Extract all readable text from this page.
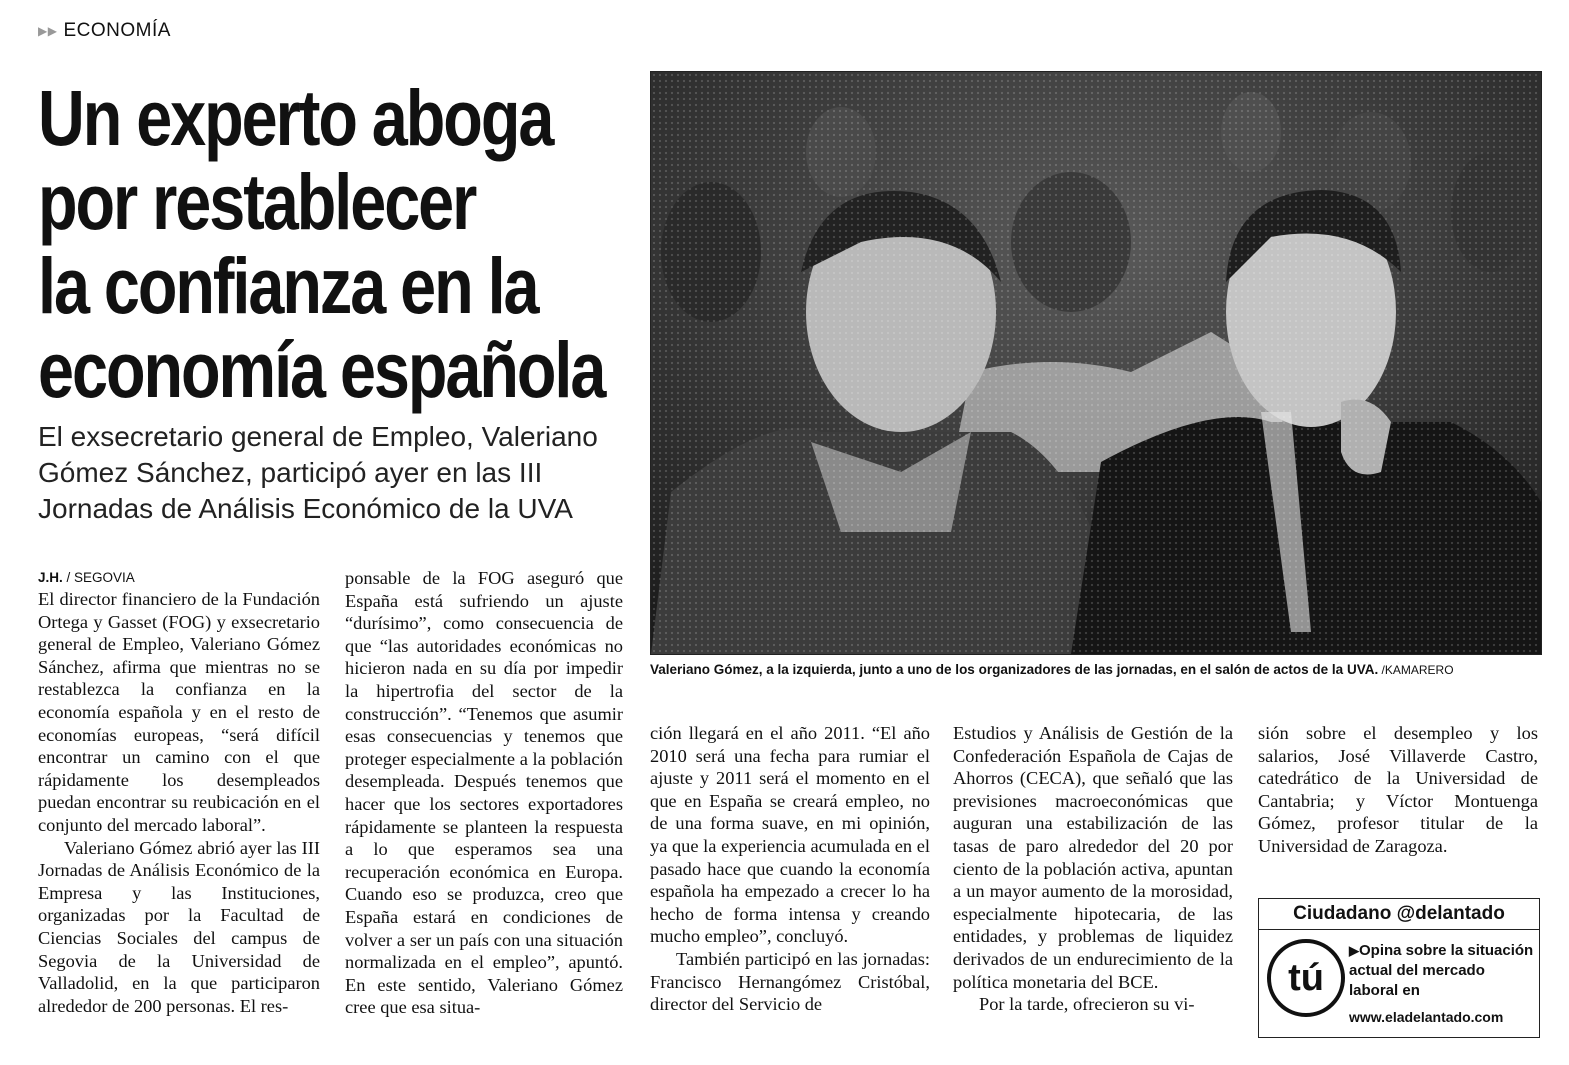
▶▶ ECONOMÍA
Un experto aboga
por restablecer
la confianza en la
economía española
El exsecretario general de Empleo, Valeriano Gómez Sánchez, participó ayer en las III Jornadas de Análisis Económico de la UVA
J.H. / SEGOVIA

El director financiero de la Fundación Ortega y Gasset (FOG) y exsecretario general de Empleo, Valeriano Gómez Sánchez, afirma que mientras no se restablezca la confianza en la economía española y en el resto de economías europeas, “será difícil encontrar un camino con el que rápidamente los desempleados puedan encontrar su reubicación en el conjunto del mercado laboral”.

Valeriano Gómez abrió ayer las III Jornadas de Análisis Económico de la Empresa y las Instituciones, organizadas por la Facultad de Ciencias Sociales del campus de Segovia de la Universidad de Valladolid, en la que participaron alrededor de 200 personas. El res-

ponsable de la FOG aseguró que España está sufriendo un ajuste “durísimo”, como consecuencia de que “las autoridades económicas no hicieron nada en su día por impedir la hipertrofia del sector de la construcción”. “Tenemos que asumir esas consecuencias y tenemos que proteger especialmente a la población desempleada. Después tenemos que hacer que los sectores exportadores rápidamente se planteen la respuesta a lo que esperamos sea una recuperación económica en Europa. Cuando eso se produzca, creo que España estará en condiciones de volver a ser un país con una situación normalizada en el empleo”, apuntó. En este sentido, Valeriano Gómez cree que esa situa-

Valeriano Gómez, a la izquierda, junto a uno de los organizadores de las jornadas, en el salón de actos de la UVA. /KAMARERO

ción llegará en el año 2011. “El año 2010 será una fecha para rumiar el ajuste y 2011 será el momento en el que en España se creará empleo, no de una forma suave, en mi opinión, ya que la experiencia acumulada en el pasado hace que cuando la economía española ha empezado a crecer lo ha hecho de forma intensa y creando mucho empleo”, concluyó.

También participó en las jornadas: Francisco Hernangómez Cristóbal, director del Servicio de

Estudios y Análisis de Gestión de la Confederación Española de Cajas de Ahorros (CECA), que señaló que las previsiones macroeconómicas que auguran una estabilización de las tasas de paro alrededor del 20 por ciento de la población activa, apuntan a un mayor aumento de la morosidad, especialmente hipotecaria, de las entidades, y problemas de liquidez derivados de un endurecimiento de la política monetaria del BCE.

Por la tarde, ofrecieron su vi-

sión sobre el desempleo y los salarios, José Villaverde Castro, catedrático de la Universidad de Cantabria; y Víctor Montuenga Gómez, profesor titular de la Universidad de Zaragoza.

Ciudadano @delantado
tú
▶Opina sobre la situación actual del mercado laboral en
www.eladelantado.com
